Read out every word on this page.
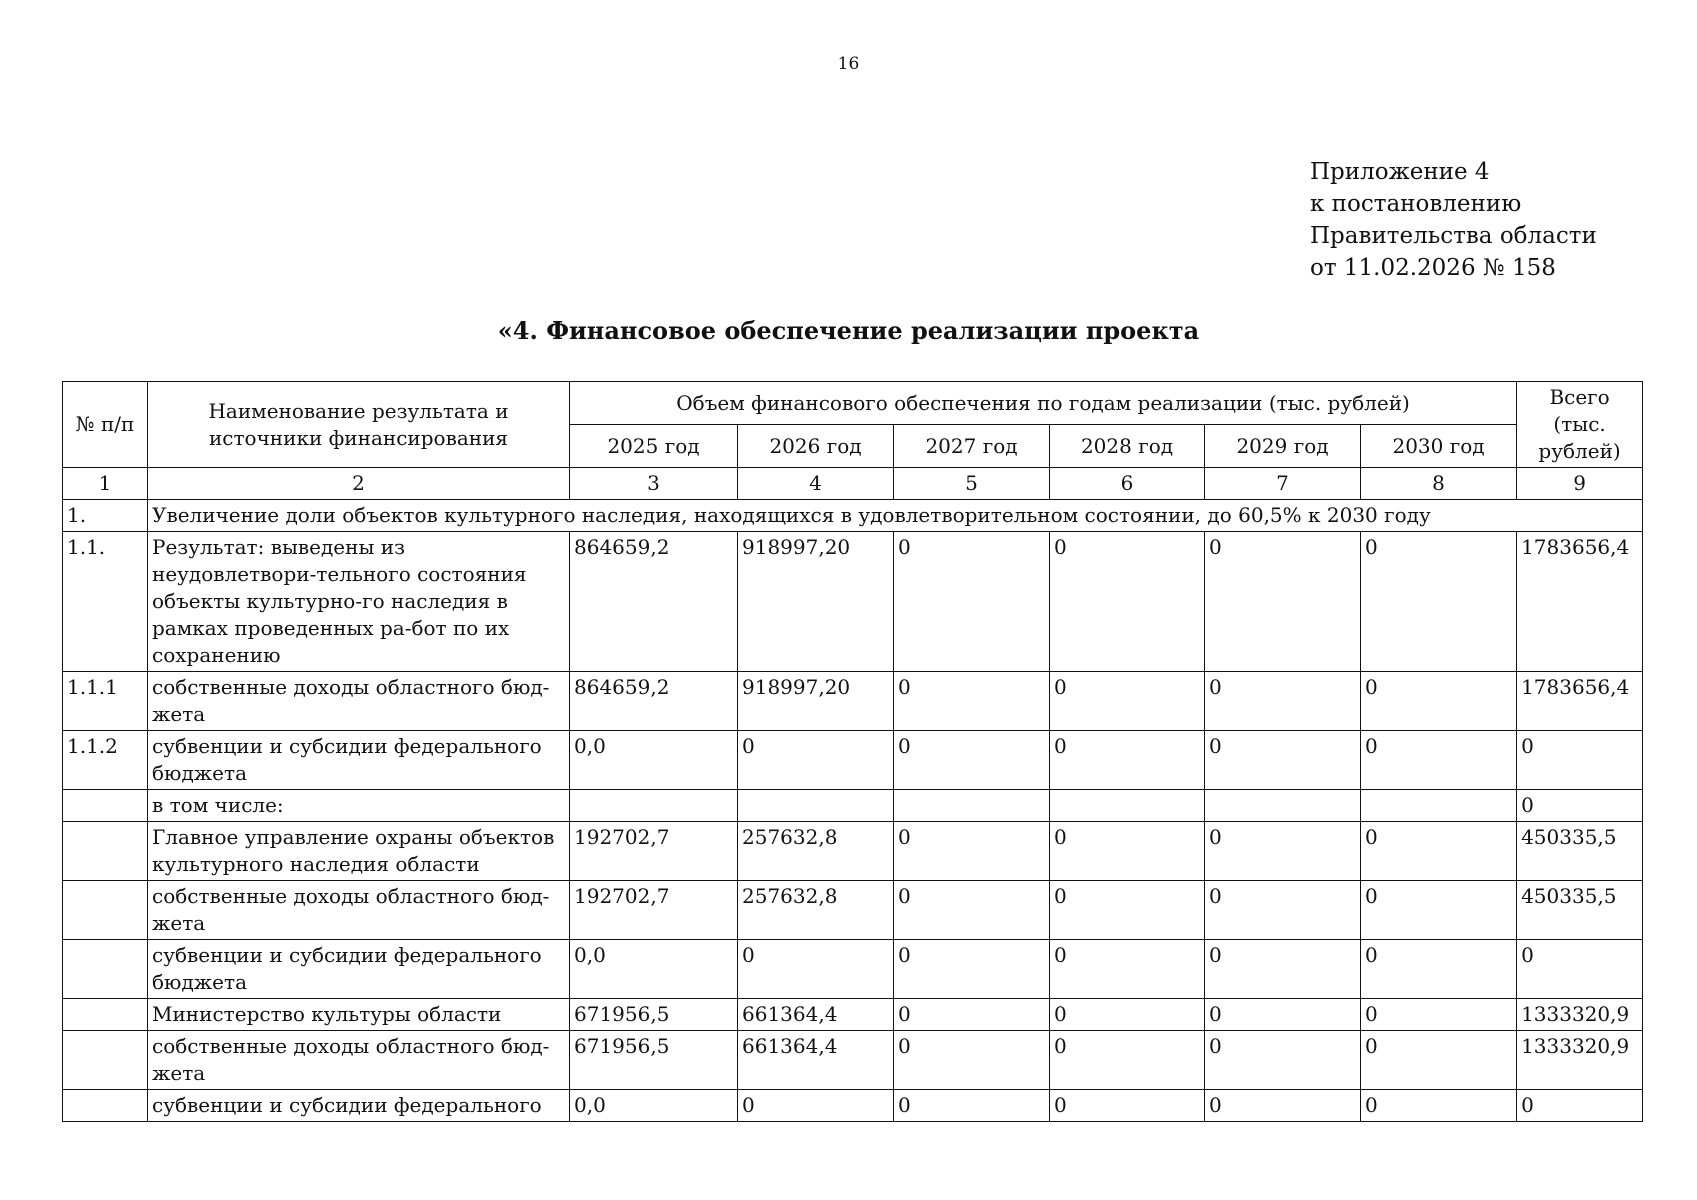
16
Приложение 4
к постановлению
Правительства области
от 11.02.2026 № 158
«4. Финансовое обеспечение реализации проекта
№ п/п	Наименование результата и источники финансирования	Объем финансового обеспечения по годам реализации (тыс. рублей)						Всего (тыс. рублей)
		2025 год	2026 год	2027 год	2028 год	2029 год	2030 год	
1	2	3	4	5	6	7	8	9
1.	Увеличение доли объектов культурного наследия, находящихся в удовлетворительном состоянии, до 60,5% к 2030 году							
1.1.	Результат: выведены из неудовлетвори-тельного состояния объекты культурно-го наследия в рамках проведенных ра-бот по их сохранению	864659,2	918997,20	0	0	0	0	1783656,4
1.1.1	собственные доходы областного бюд-жета	864659,2	918997,20	0	0	0	0	1783656,4
1.1.2	субвенции и субсидии федерального бюджета	0,0	0	0	0	0	0	0
	в том числе:							0
	Главное управление охраны объектов культурного наследия области	192702,7	257632,8	0	0	0	0	450335,5
	собственные доходы областного бюд-жета	192702,7	257632,8	0	0	0	0	450335,5
	субвенции и субсидии федерального бюджета	0,0	0	0	0	0	0	0
	Министерство культуры области	671956,5	661364,4	0	0	0	0	1333320,9
	собственные доходы областного бюд-жета	671956,5	661364,4	0	0	0	0	1333320,9
	субвенции и субсидии федерального	0,0	0	0	0	0	0	0
